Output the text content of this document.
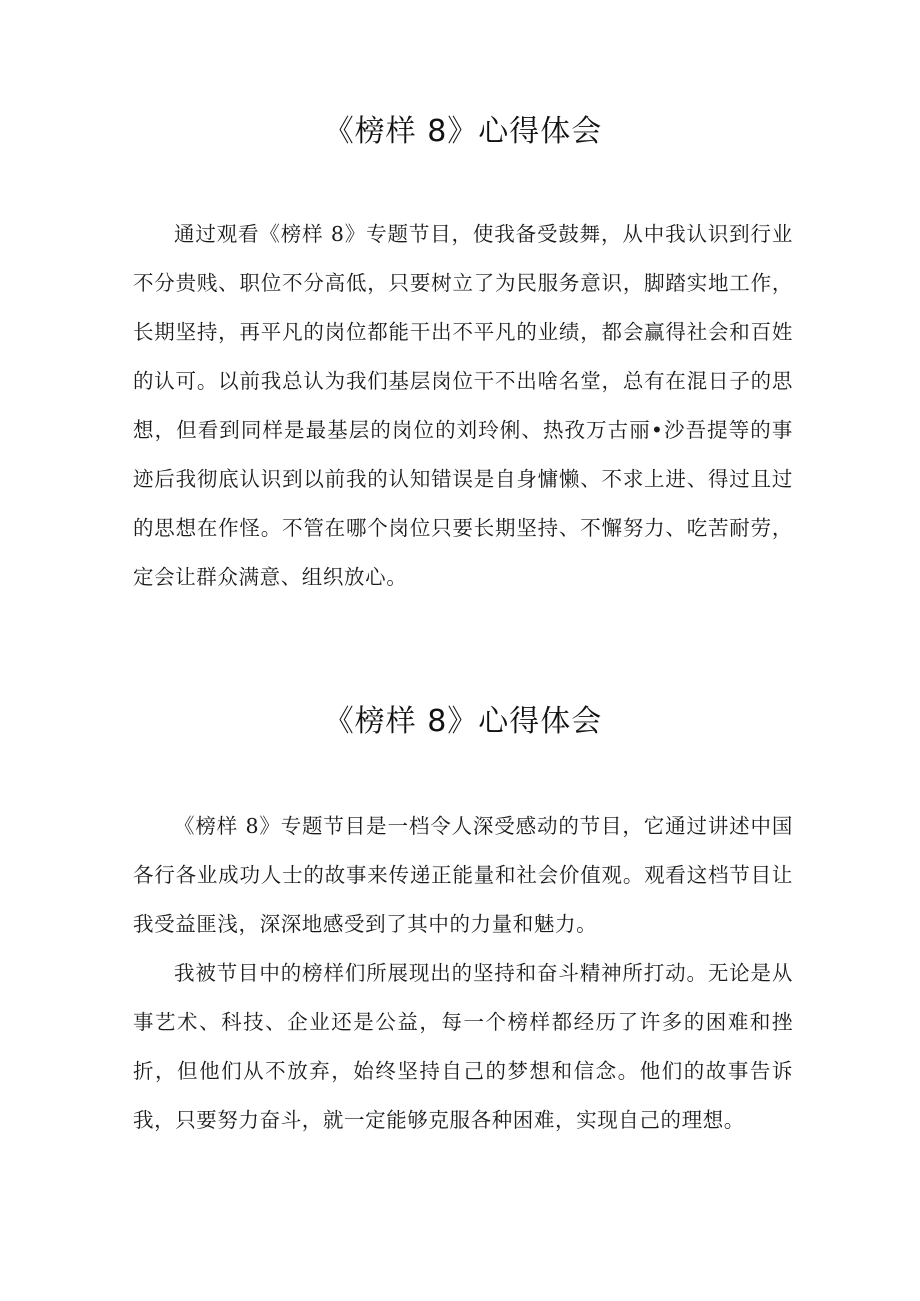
《榜样 8》心得体会

通过观看《榜样 8》专题节目，使我备受鼓舞，从中我认识到行业不分贵贱、职位不分高低，只要树立了为民服务意识，脚踏实地工作，长期坚持，再平凡的岗位都能干出不平凡的业绩，都会赢得社会和百姓的认可。以前我总认为我们基层岗位干不出啥名堂，总有在混日子的思想，但看到同样是最基层的岗位的刘玲俐、热孜万古丽•沙吾提等的事迹后我彻底认识到以前我的认知错误是自身慵懒、不求上进、得过且过的思想在作怪。不管在哪个岗位只要长期坚持、不懈努力、吃苦耐劳，定会让群众满意、组织放心。

《榜样 8》心得体会

《榜样 8》专题节目是一档令人深受感动的节目，它通过讲述中国各行各业成功人士的故事来传递正能量和社会价值观。观看这档节目让我受益匪浅，深深地感受到了其中的力量和魅力。

我被节目中的榜样们所展现出的坚持和奋斗精神所打动。无论是从事艺术、科技、企业还是公益，每一个榜样都经历了许多的困难和挫折，但他们从不放弃，始终坚持自己的梦想和信念。他们的故事告诉我，只要努力奋斗，就一定能够克服各种困难，实现自己的理想。
